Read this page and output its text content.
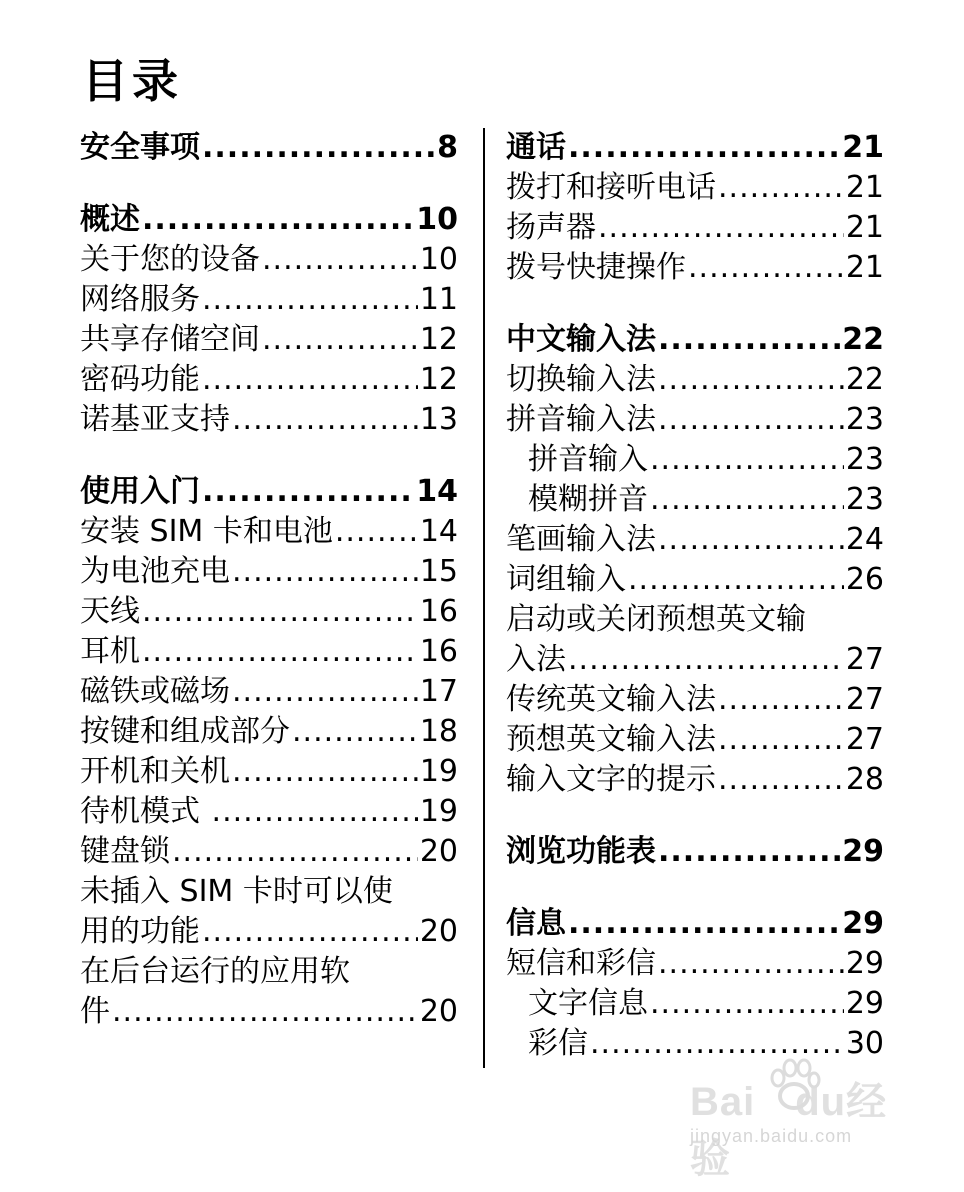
目录
安全事项 .....	8
概述 .....	10
关于您的设备 .....	10
网络服务 .....	11
共享存储空间 .....	12
密码功能 .....	12
诺基亚支持 .....	13
使用入门 .....	14
安装 SIM 卡和电池 .....	14
为电池充电 .....	15
天线 .....	16
耳机 .....	16
磁铁或磁场 .....	17
按键和组成部分 .....	18
开机和关机 .....	19
待机模式 .....	19
键盘锁 .....	20
未插入 SIM 卡时可以使
用的功能 .....	20
在后台运行的应用软
件 .....	20
通话 .....	21
拨打和接听电话 .....	21
扬声器 .....	21
拨号快捷操作 .....	21
中文输入法 .....	22
切换输入法 .....	22
拼音输入法 .....	23
拼音输入 .....	23
模糊拼音 .....	23
笔画输入法 .....	24
词组输入 .....	26
启动或关闭预想英文输
入法 .....	27
传统英文输入法 .....	27
预想英文输入法 .....	27
输入文字的提示 .....	28
浏览功能表 .....	29
信息 .....	29
短信和彩信 .....	29
文字信息 .....	29
彩信 .....	30
Bai du经验
jingyan.baidu.com
